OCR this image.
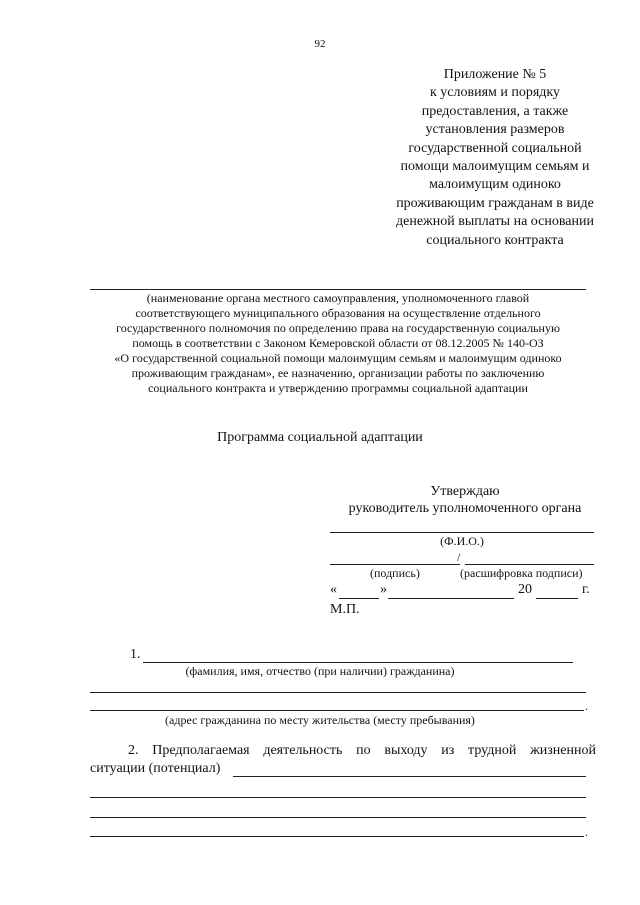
92
Приложение № 5
к условиям и порядку
предоставления, а также
установления размеров
государственной социальной
помощи малоимущим семьям и
малоимущим одиноко
проживающим гражданам в виде
денежной выплаты на основании
социального контракта
(наименование органа местного самоуправления, уполномоченного главой
соответствующего муниципального образования на осуществление отдельного
государственного полномочия по определению права на государственную социальную
помощь в соответствии с Законом Кемеровской области от 08.12.2005 № 140-ОЗ
«О государственной социальной помощи малоимущим семьям и малоимущим одиноко
проживающим гражданам», ее назначению, организации работы по заключению
социального контракта и утверждению программы социальной адаптации
Программа социальной адаптации
Утверждаю
руководитель уполномоченного органа
(Ф.И.О.)
/
(подпись)	(расшифровка подписи)
«	»	20	г.
М.П.
1.
(фамилия, имя, отчество (при наличии) гражданина)
.
(адрес гражданина по месту жительства (месту пребывания)
2. Предполагаемая деятельность по выходу из трудной жизненной
ситуации (потенциал)
.
